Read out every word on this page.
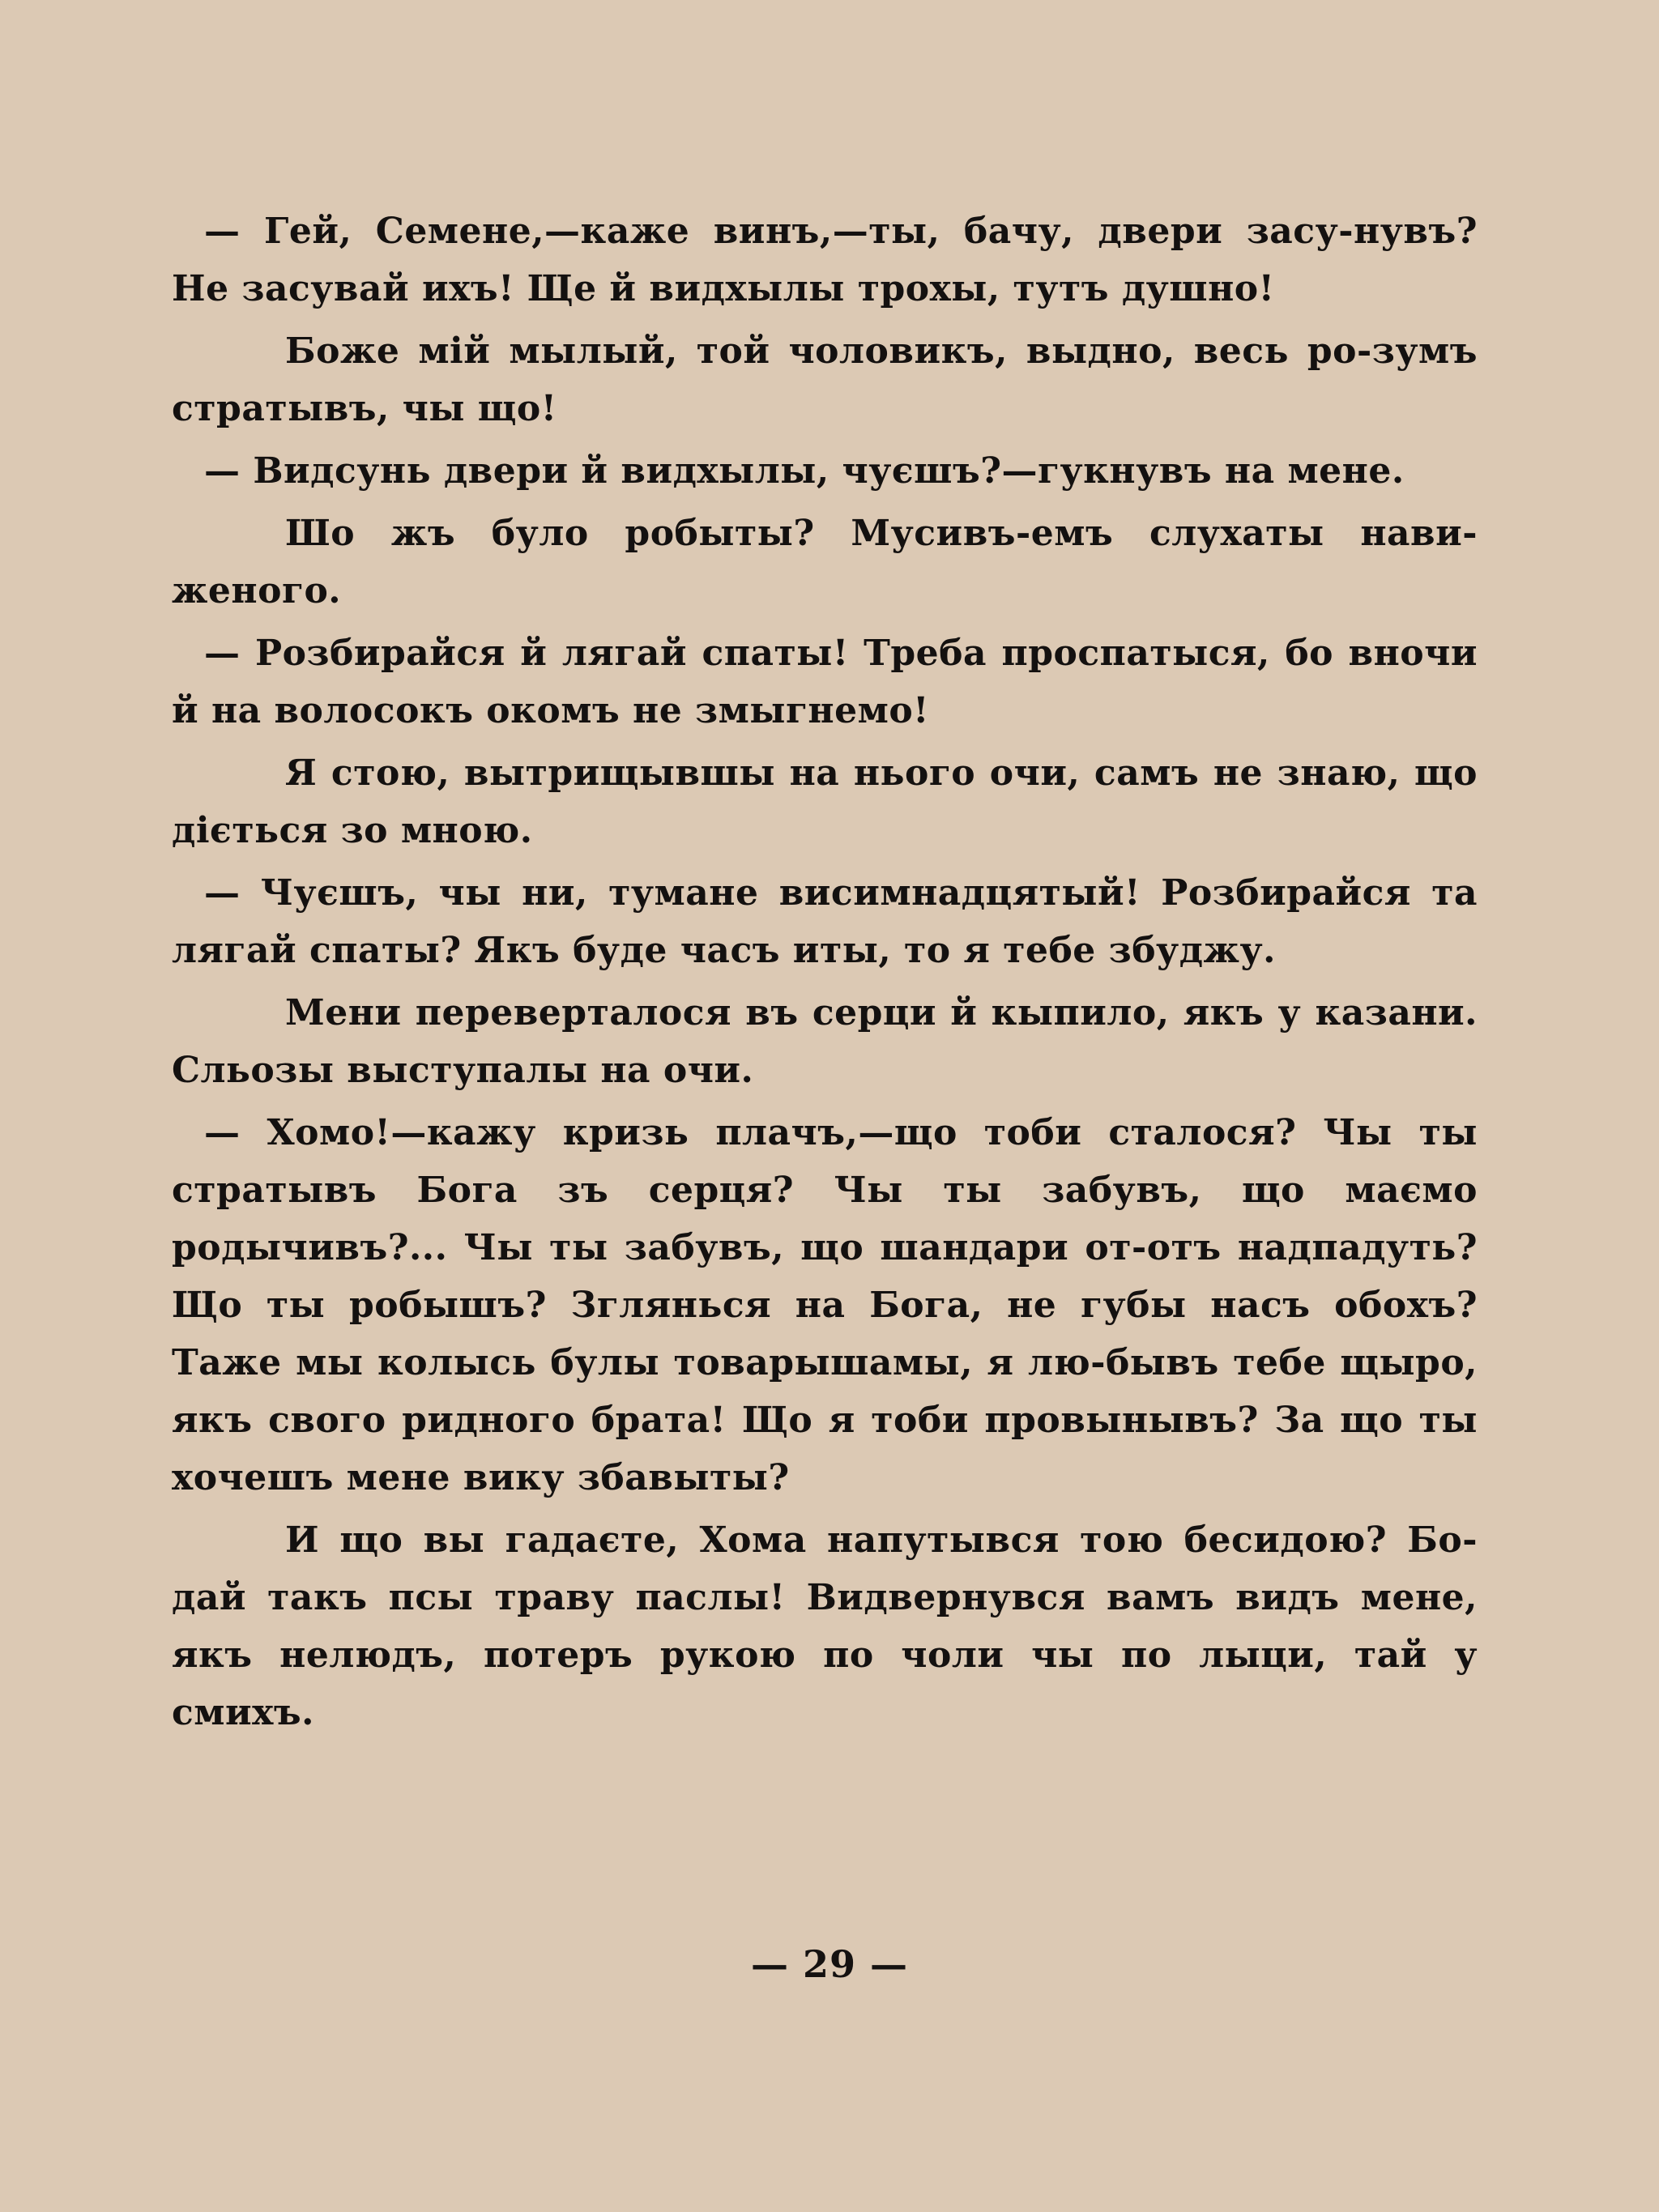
— Гей, Семене,—каже винъ,—ты, бачу, двери засу-нувъ? Не засувай ихъ! Ще й видхылы трохы, тутъ душно!

Боже мій мылый, той чоловикъ, выдно, весь ро-зумъ стратывъ, чы що!

— Видсунь двери й видхылы, чуєшъ?—гукнувъ на мене.

Шо жъ було робыты? Мусивъ-емъ слухаты нави-женого.

— Розбирайся й лягай спаты! Треба проспатыся, бо вночи й на волосокъ окомъ не змыгнемо!

Я стою, вытрищывшы на нього очи, самъ не знаю, що діється зо мною.

— Чуєшъ, чы ни, тумане висимнадцятый! Розбирайся та лягай спаты? Якъ буде часъ иты, то я тебе збуджу.

Мени переверталося въ серци й кыпило, якъ у казани. Сльозы выступалы на очи.

— Хомо!—кажу кризь плачъ,—що тоби сталося? Чы ты стратывъ Бога зъ серця? Чы ты забувъ, що маємо родычивъ?... Чы ты забувъ, що шандари от-отъ надпадуть? Що ты робышъ? Зглянься на Бога, не губы насъ обохъ? Таже мы колысь булы товарышамы, я лю-бывъ тебе щыро, якъ свого ридного брата! Що я тоби провынывъ? За що ты хочешъ мене вику збавыты?

И що вы гадаєте, Хома напутывся тою бесидою? Бо-дай такъ псы траву паслы! Видвернувся вамъ видъ мене, якъ нелюдъ, потеръ рукою по чоли чы по лыци, тай у смихъ.

— 29 —
